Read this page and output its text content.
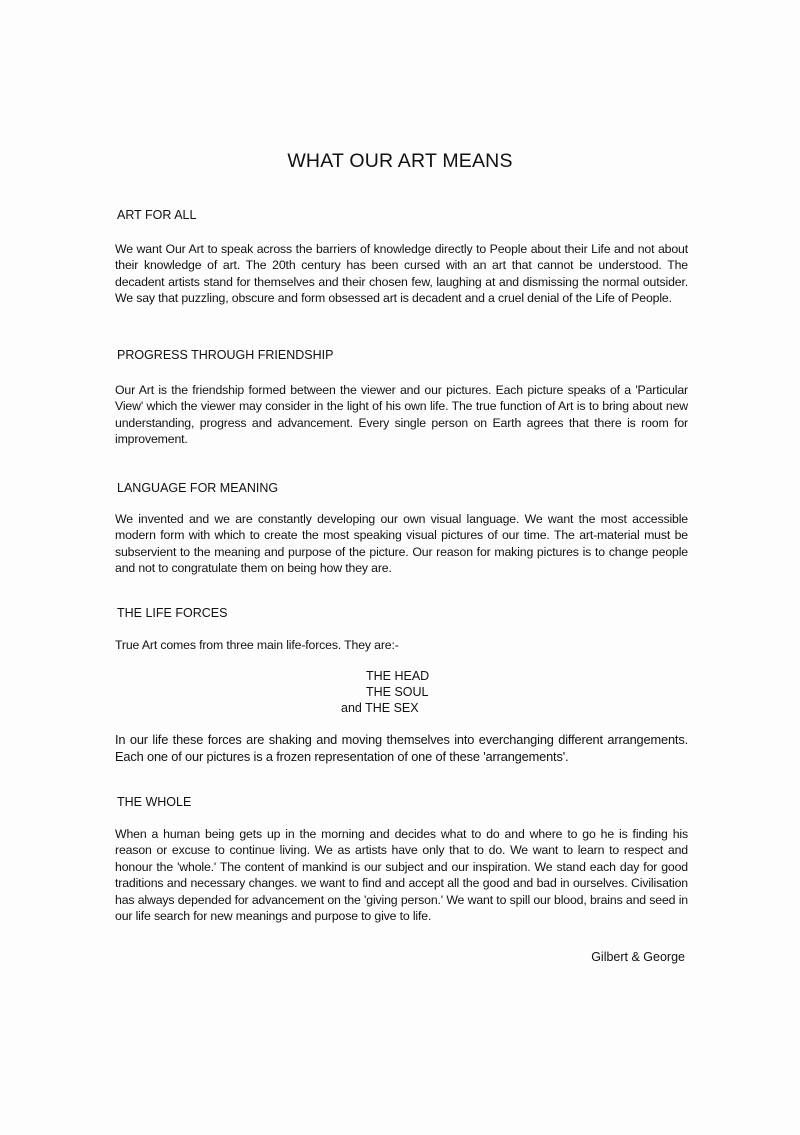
WHAT OUR ART MEANS
ART FOR ALL

We want Our Art to speak across the barriers of knowledge directly to People about their Life and not about their knowledge of art. The 20th century has been cursed with an art that cannot be understood. The decadent artists stand for themselves and their chosen few, laughing at and dismissing the normal outsider. We say that puzzling, obscure and form obsessed art is decadent and a cruel denial of the Life of People.

PROGRESS THROUGH FRIENDSHIP

Our Art is the friendship formed between the viewer and our pictures. Each picture speaks of a 'Particular View' which the viewer may consider in the light of his own life. The true function of Art is to bring about new understanding, progress and advancement. Every single person on Earth agrees that there is room for improvement.

LANGUAGE FOR MEANING

We invented and we are constantly developing our own visual language. We want the most accessible modern form with which to create the most speaking visual pictures of our time. The art-material must be subservient to the meaning and purpose of the picture. Our reason for making pictures is to change people and not to congratulate them on being how they are.

THE LIFE FORCES

True Art comes from three main life-forces. They are:-

THE HEAD

THE SOUL

and THE SEX

In our life these forces are shaking and moving themselves into everchanging different arrangements. Each one of our pictures is a frozen representation of one of these 'arrangements'.

THE WHOLE

When a human being gets up in the morning and decides what to do and where to go he is finding his reason or excuse to continue living. We as artists have only that to do. We want to learn to respect and honour the 'whole.' The content of mankind is our subject and our inspiration. We stand each day for good traditions and necessary changes. we want to find and accept all the good and bad in ourselves. Civilisation has always depended for advancement on the 'giving person.' We want to spill our blood, brains and seed in our life search for new meanings and purpose to give to life.

Gilbert & George
